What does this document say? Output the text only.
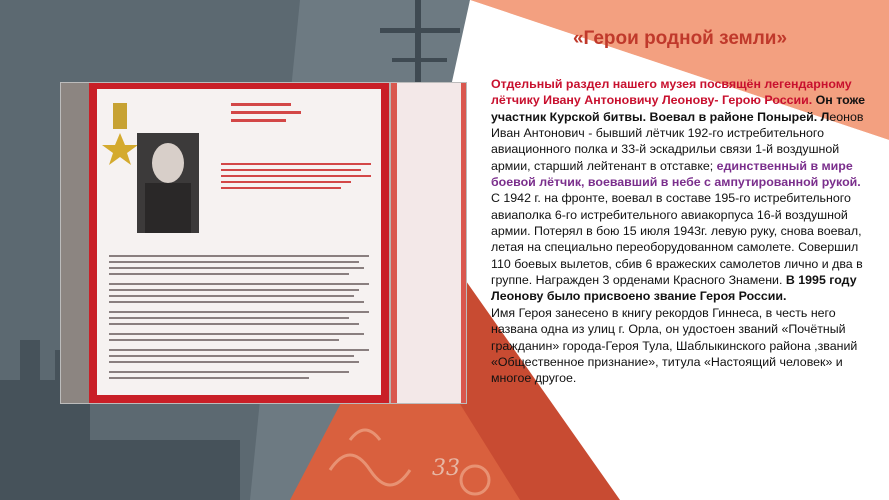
«Герои родной земли»

Отдельный раздел нашего музея посвящён легендарному лётчику Ивану Антоновичу Леонову- Герою России. Он тоже участник Курской битвы. Воевал в районе Поныpей. Леонов Иван Антонович - бывший лётчик 192-го истребительного авиационного полка и 33-й эскадрильи связи 1-й воздушной армии, старший лейтенант в отставке; единственный в мире боевой лётчик, воевавший в небе с ампутированной рукой.

С 1942 г. на фронте, воевал в составе 195-го истребительного авиаполка 6-го истребительного авиакорпуса 16-й воздушной армии. Потерял в бою 15 июля 1943г. левую руку, снова воевал, летая на специально переоборудованном самолете. Совершил 110 боевых вылетов, сбив 6 вражеских самолетов лично и два в группе. Награжден 3 орденами Красного Знамени. В 1995 году Леонову было присвоено звание Героя России.

Имя Героя занесено в книгу рекордов Гиннеса, в честь него названа одна из улиц г. Орла, он удостоен званий «Почётный гражданин» города-Героя Тула, Шаблыкинского района ,званий «Общественное признание», титула «Настоящий человек» и многое другое.

33
